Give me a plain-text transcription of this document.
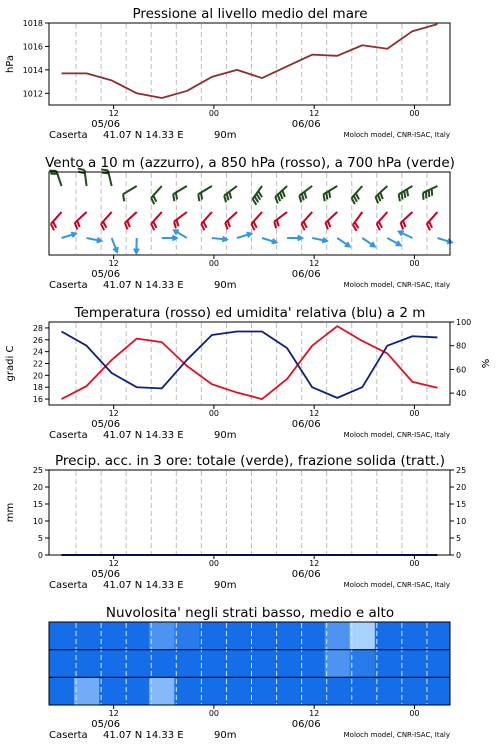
1012
1014
1016
1018
Pressione al livello medio del mare
hPa
12	00	12	00
05/06	06/06
Caserta 41.07 N 14.33 E	90m	Moloch model, CNR-ISAC, Italy
Vento a 10 m (azzurro), a 850 hPa (rosso), a 700 hPa (verde)
12	00	12	00
05/06	06/06
Caserta 41.07 N 14.33 E	90m	Moloch model, CNR-ISAC, Italy
16
18
20
22
24
26
28
40
60
80
100
Temperatura (rosso) ed umidita' relativa (blu) a 2 m
gradi C	%
12	00	12	00
05/06	06/06
Caserta 41.07 N 14.33 E	90m	Moloch model, CNR-ISAC, Italy
0
5
10
15
20
25
0
5
10
15
20
25
Precip. acc. in 3 ore: totale (verde), frazione solida (tratt.)
mm
12	00	12	00
05/06	06/06
Caserta 41.07 N 14.33 E	90m	Moloch model, CNR-ISAC, Italy
Nuvolosita' negli strati basso, medio e alto
12	00	12	00
05/06	06/06
Caserta 41.07 N 14.33 E	90m	Moloch model, CNR-ISAC, Italy
